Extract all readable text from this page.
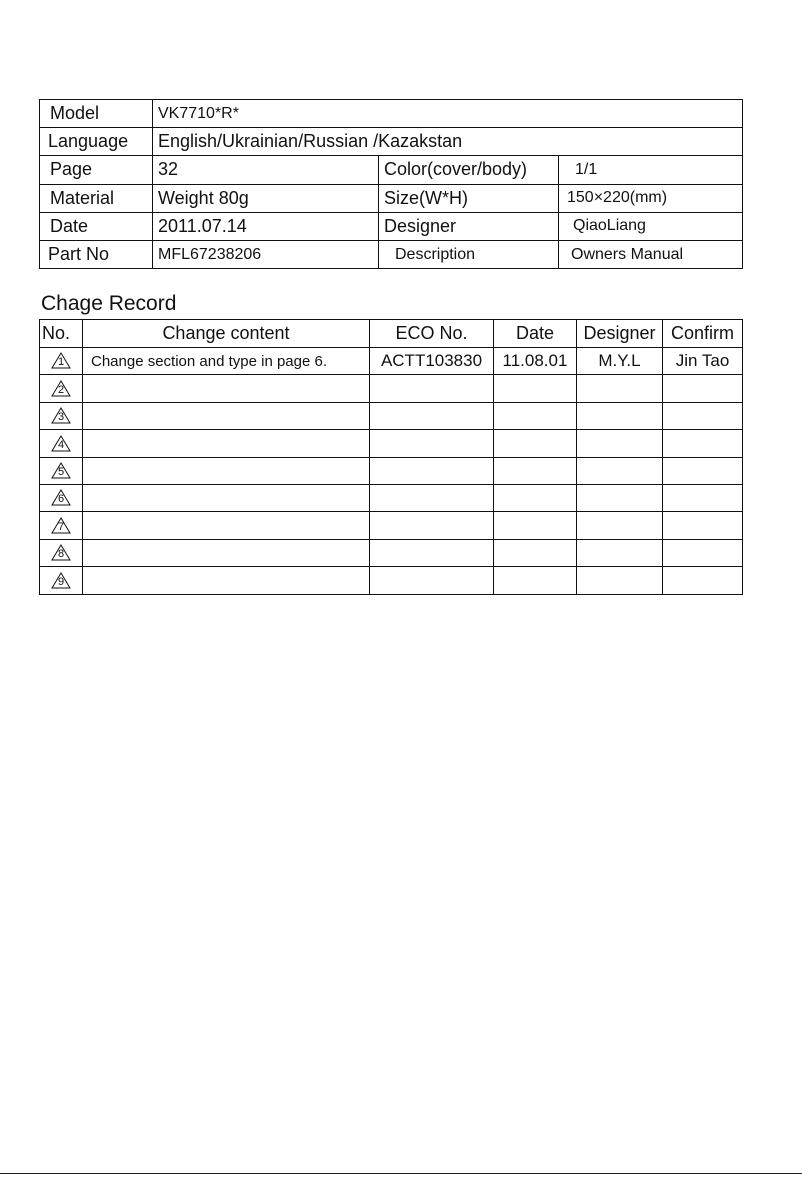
Model	VK7710*R*		
Language	English/Ukrainian/Russian /Kazakstan		
Page	32	Color(cover/body)	1/1
Material	Weight 80g	Size(W*H)	150×220(mm)
Date	2011.07.14	Designer	QiaoLiang
Part No	MFL67238206	Description	Owners Manual
Chage Record
No.	Change content	ECO No.	Date	Designer	Confirm

1	Change section and type in page 6.	ACTT103830	11.08.01	M.Y.L	Jin Tao

2					

3					

4					

5					

6					

7					

8					

9					
